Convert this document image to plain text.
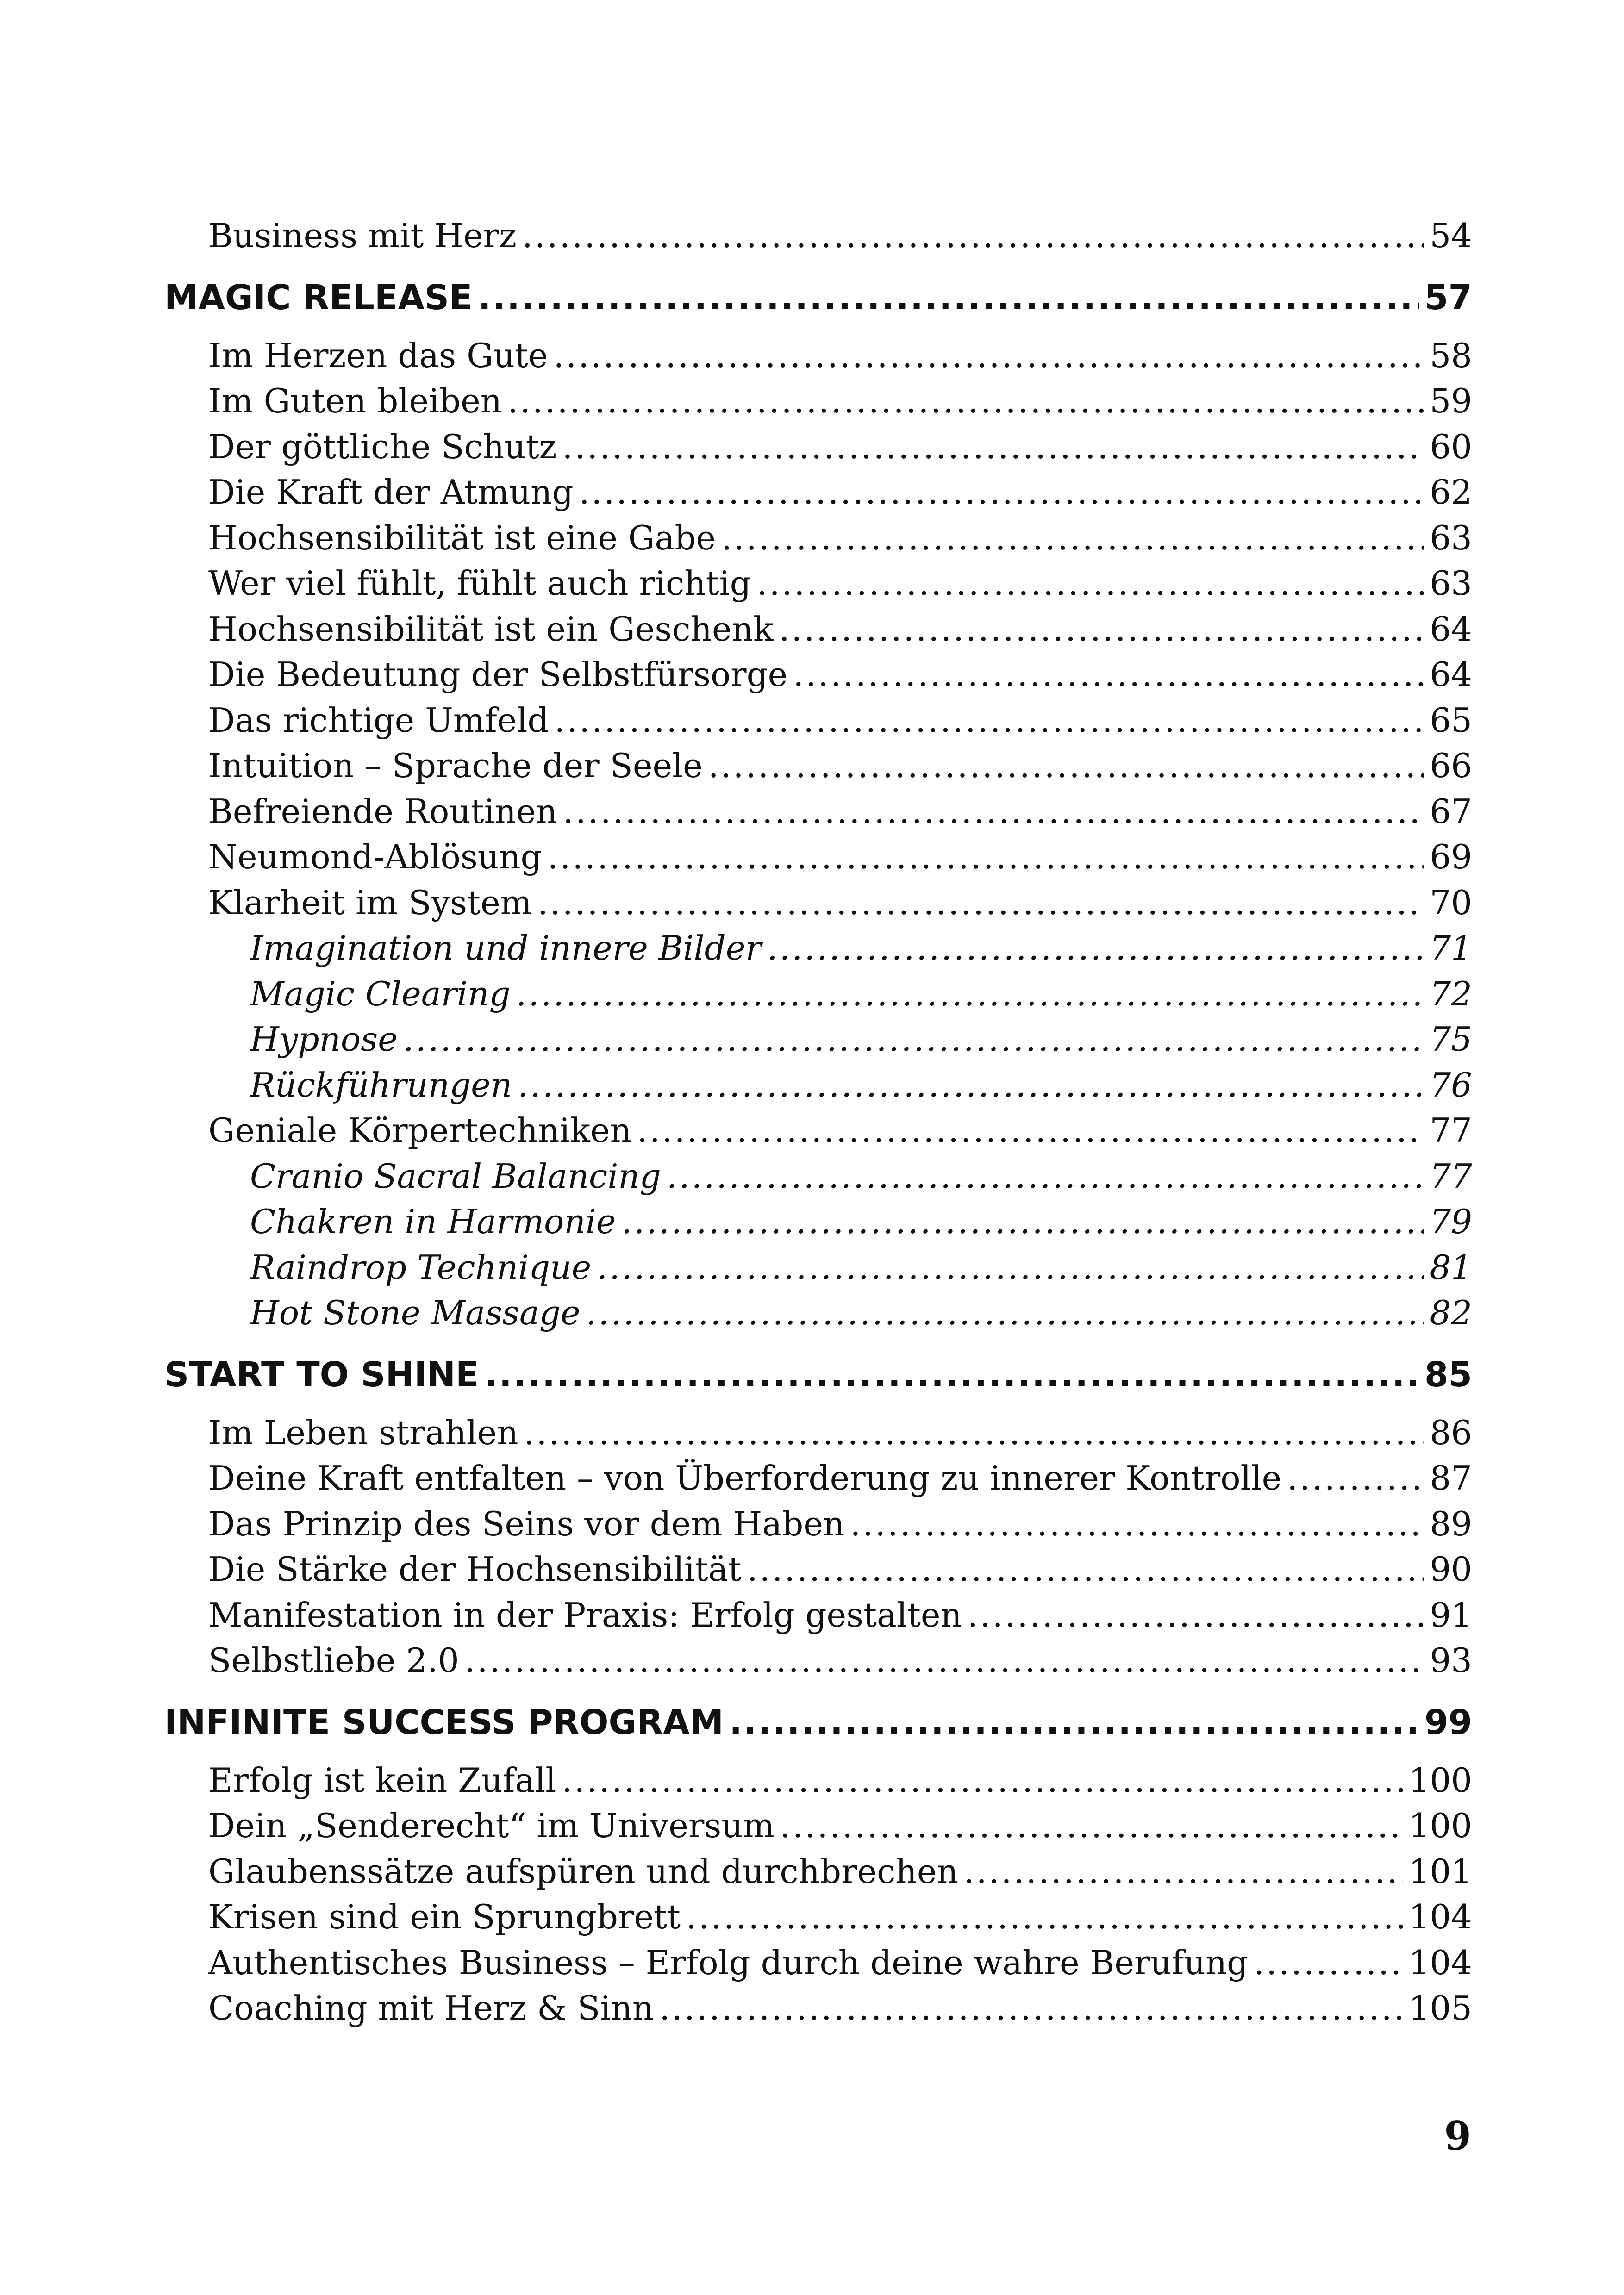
Business mit Herz .....	54
MAGIC RELEASE .....	57
Im Herzen das Gute .....	58
Im Guten bleiben .....	59
Der göttliche Schutz .....	60
Die Kraft der Atmung .....	62
Hochsensibilität ist eine Gabe .....	63
Wer viel fühlt, fühlt auch richtig .....	63
Hochsensibilität ist ein Geschenk .....	64
Die Bedeutung der Selbstfürsorge .....	64
Das richtige Umfeld .....	65
Intuition – Sprache der Seele .....	66
Befreiende Routinen .....	67
Neumond-Ablösung .....	69
Klarheit im System .....	70
Imagination und innere Bilder .....	71
Magic Clearing .....	72
Hypnose .....	75
Rückführungen .....	76
Geniale Körpertechniken .....	77
Cranio Sacral Balancing .....	77
Chakren in Harmonie .....	79
Raindrop Technique .....	81
Hot Stone Massage .....	82
START TO SHINE .....	85
Im Leben strahlen .....	86
Deine Kraft entfalten – von Überforderung zu innerer Kontrolle .....	87
Das Prinzip des Seins vor dem Haben .....	89
Die Stärke der Hochsensibilität .....	90
Manifestation in der Praxis: Erfolg gestalten .....	91
Selbstliebe 2.0 .....	93
INFINITE SUCCESS PROGRAM .....	99
Erfolg ist kein Zufall .....	100
Dein „Senderecht“ im Universum .....	100
Glaubenssätze aufspüren und durchbrechen .....	101
Krisen sind ein Sprungbrett .....	104
Authentisches Business – Erfolg durch deine wahre Berufung .....	104
Coaching mit Herz & Sinn .....	105
9
